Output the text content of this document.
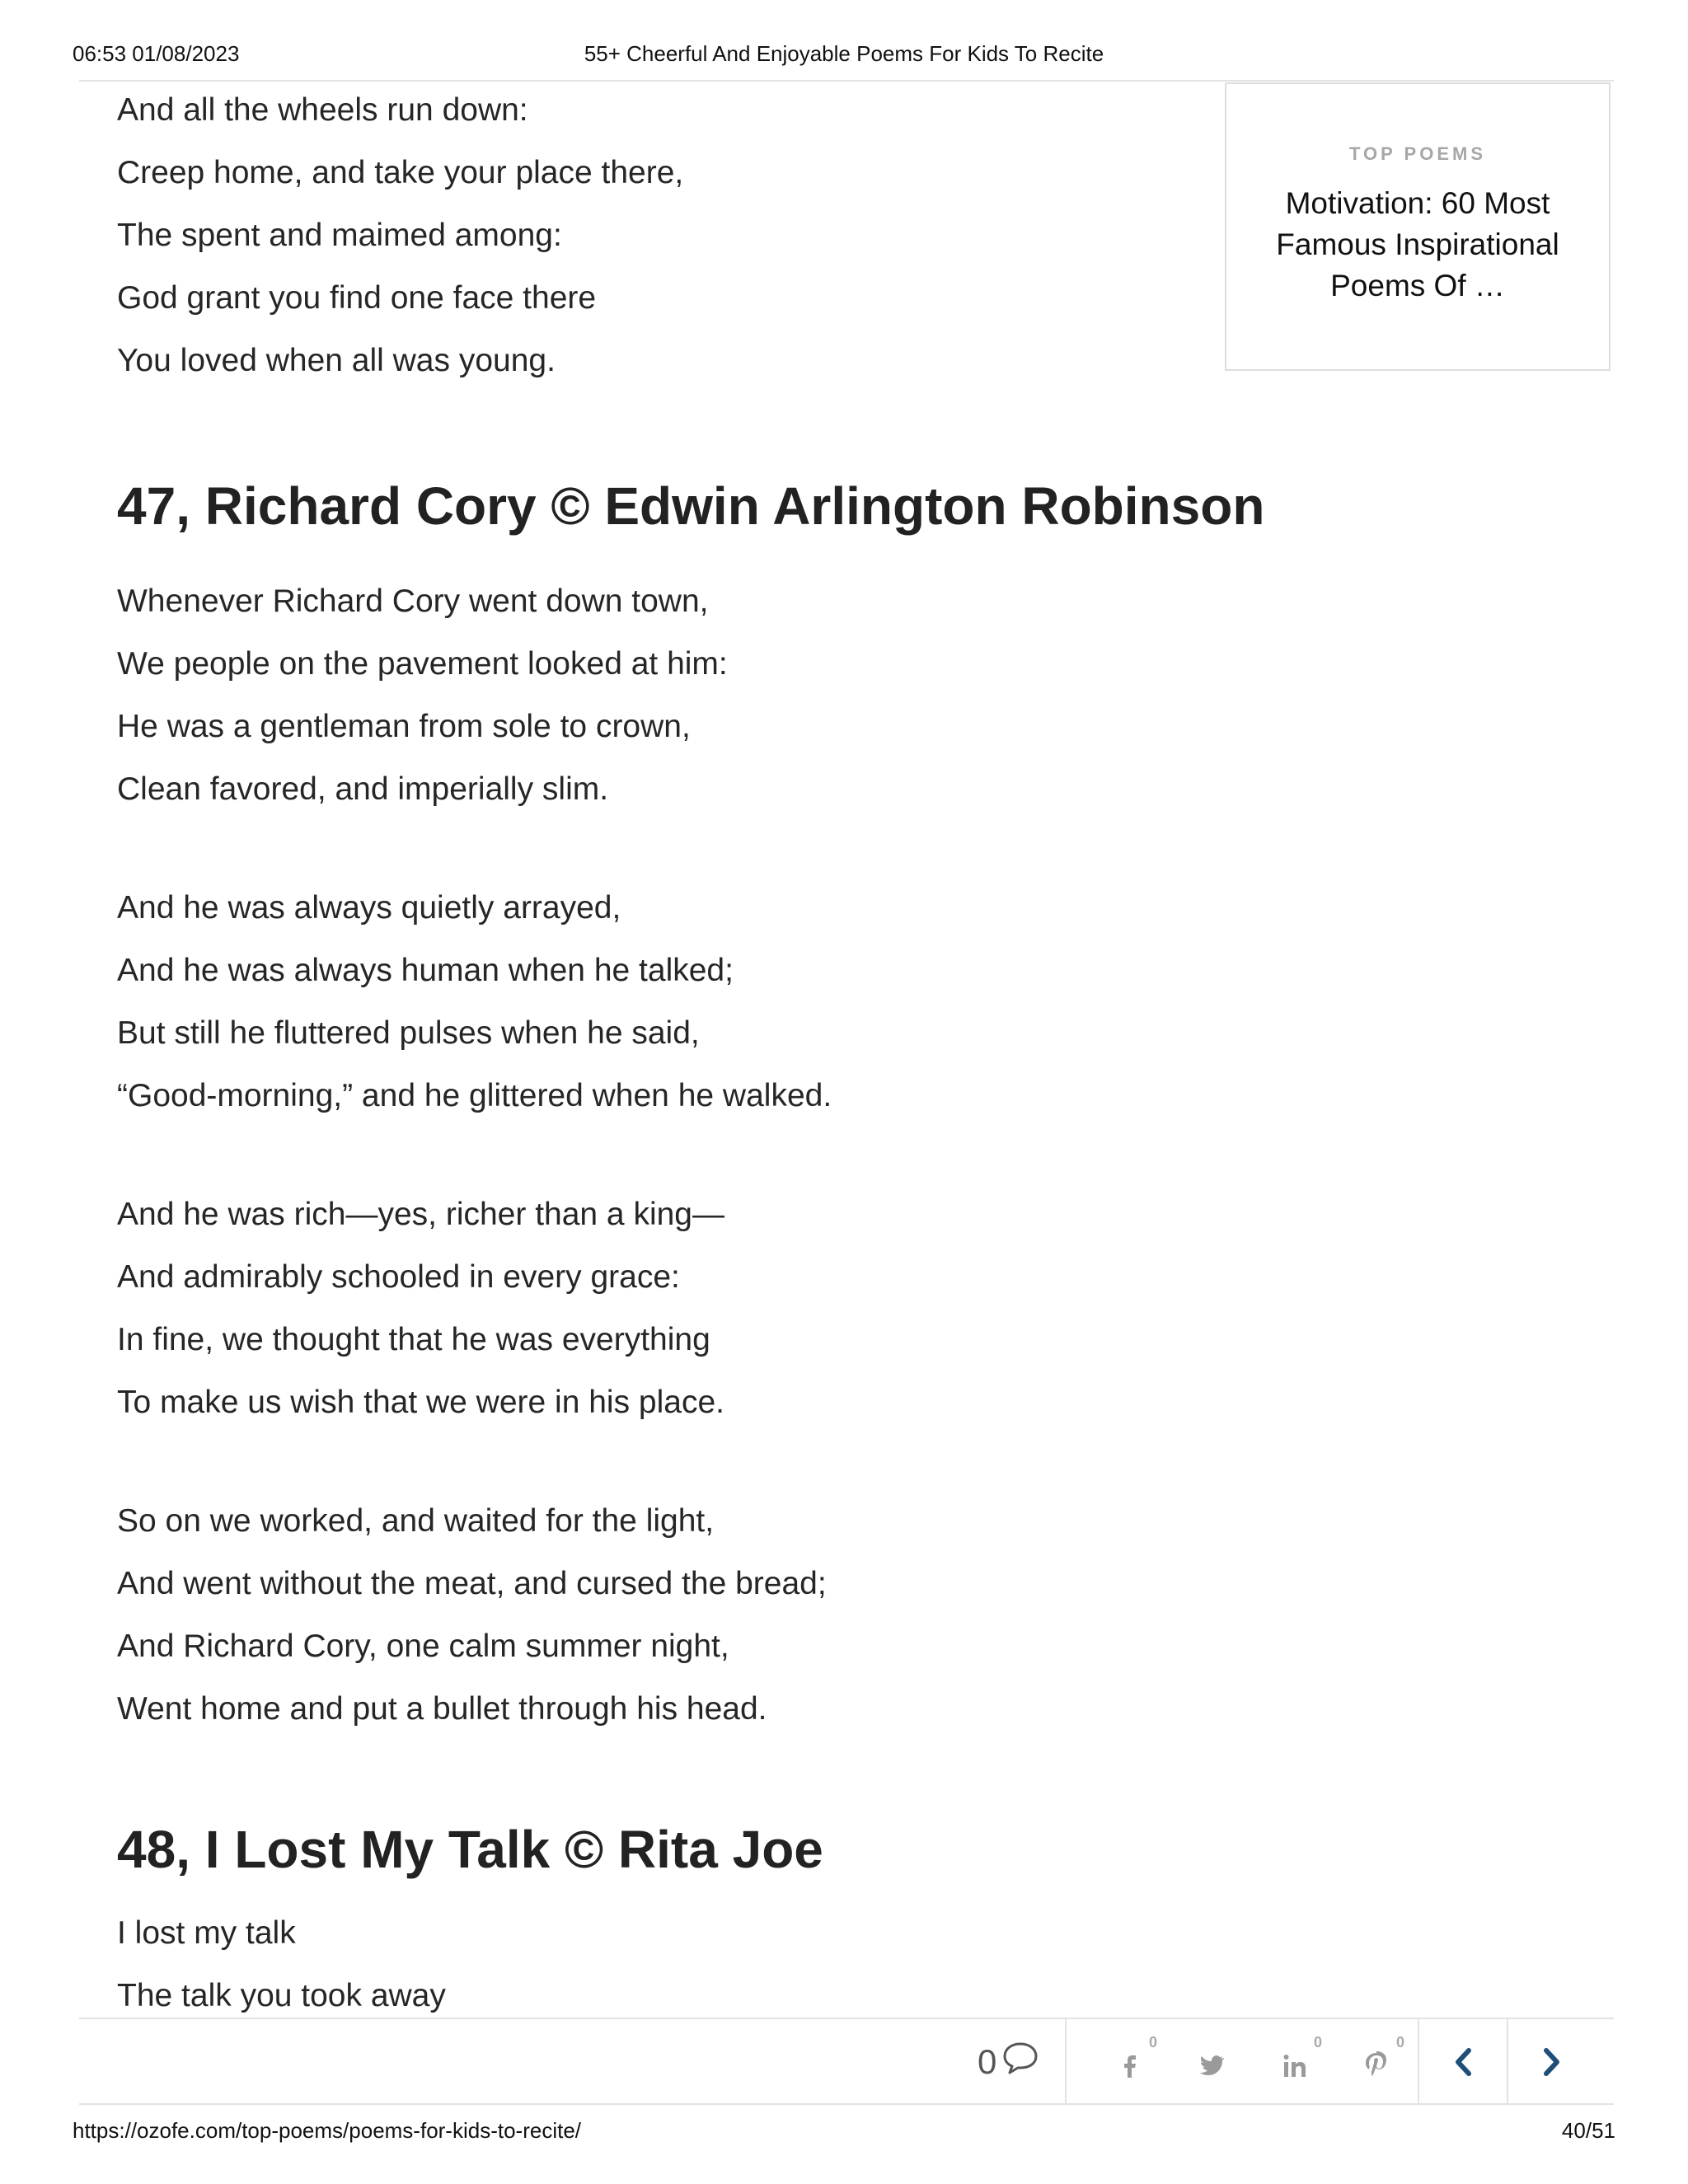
06:53 01/08/2023	55+ Cheerful And Enjoyable Poems For Kids To Recite

And all the wheels run down:

Creep home, and take your place there,

The spent and maimed among:

God grant you find one face there

You loved when all was young.

47, Richard Cory © Edwin Arlington Robinson

Whenever Richard Cory went down town,

We people on the pavement looked at him:

He was a gentleman from sole to crown,

Clean favored, and imperially slim.

And he was always quietly arrayed,

And he was always human when he talked;

But still he fluttered pulses when he said,

“Good-morning,” and he glittered when he walked.

And he was rich—yes, richer than a king—

And admirably schooled in every grace:

In fine, we thought that he was everything

To make us wish that we were in his place.

So on we worked, and waited for the light,

And went without the meat, and cursed the bread;

And Richard Cory, one calm summer night,

Went home and put a bullet through his head.

48, I Lost My Talk © Rita Joe

I lost my talk

The talk you took away

TOP POEMS
Motivation: 60 Most Famous Inspirational Poems Of …
0	0	0	0
https://ozofe.com/top-poems/poems-for-kids-to-recite/	40/51
